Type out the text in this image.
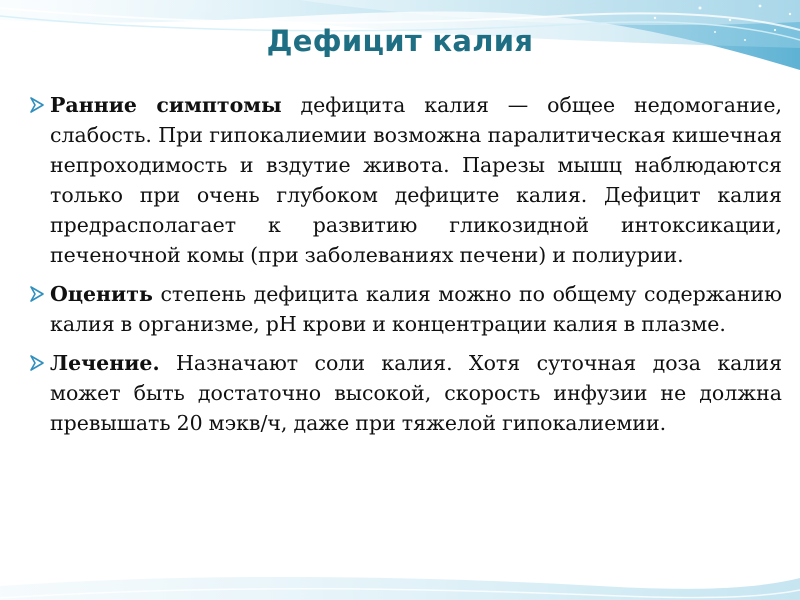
Дефицит калия
Ранние симптомы дефицита калия — общее недомогание, слабость. При гипокалиемии возможна паралитическая кишечная непроходимость и вздутие живота. Парезы мышц наблюдаются только при очень глубоком дефиците калия. Дефицит калия предрасполагает к развитию гликозидной интоксикации, печеночной комы (при заболеваниях печени) и полиурии.
Оценить степень дефицита калия можно по общему содержанию калия в организме, pH крови и концентрации калия в плазме.
Лечение. Назначают соли калия. Хотя суточная доза калия может быть достаточно высокой, скорость инфузии не должна превышать 20 мэкв/ч, даже при тяжелой гипокалиемии.
